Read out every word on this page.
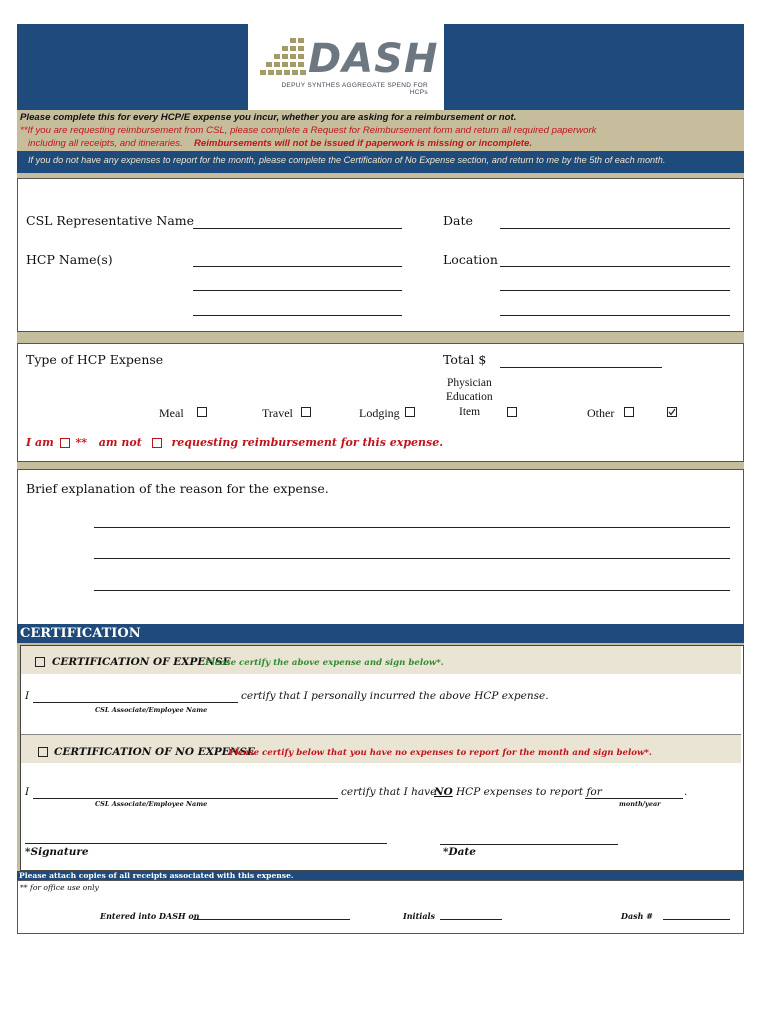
DASH
DEPUY SYNTHES AGGREGATE SPEND FOR HCPs
Please complete this for every HCP/E expense you incur, whether you are asking for a reimbursement or not.
**If you are requesting reimbursement from CSL, please complete a Request for Reimbursement form and return all required paperwork
including all receipts, and itineraries. Reimbursements will not be issued if paperwork is missing or incomplete.
If you do not have any expenses to report for the month, please complete the Certification of No Expense section, and return to me by the 5th of each month.
CSL Representative Name	Date
HCP Name(s)	Location
Type of HCP Expense	Total $
Meal	Travel	Lodging
Physician
Education
Item	Other
I am ** am not	requesting reimbursement for this expense.
Brief explanation of the reason for the expense.
CERTIFICATION
CERTIFICATION OF EXPENSE
Please certify the above expense and sign below*.
I	certify that I personally incurred the above HCP expense.
CSL Associate/Employee Name
CERTIFICATION OF NO EXPENSE
Please certify below that you have no expenses to report for the month and sign below*.
I	certify that I have
NO HCP expenses to report for	.
CSL Associate/Employee Name	month/year
*Signature	*Date
Please attach copies of all receipts associated with this expense.
** for office use only
Entered into DASH on	Initials	Dash #
